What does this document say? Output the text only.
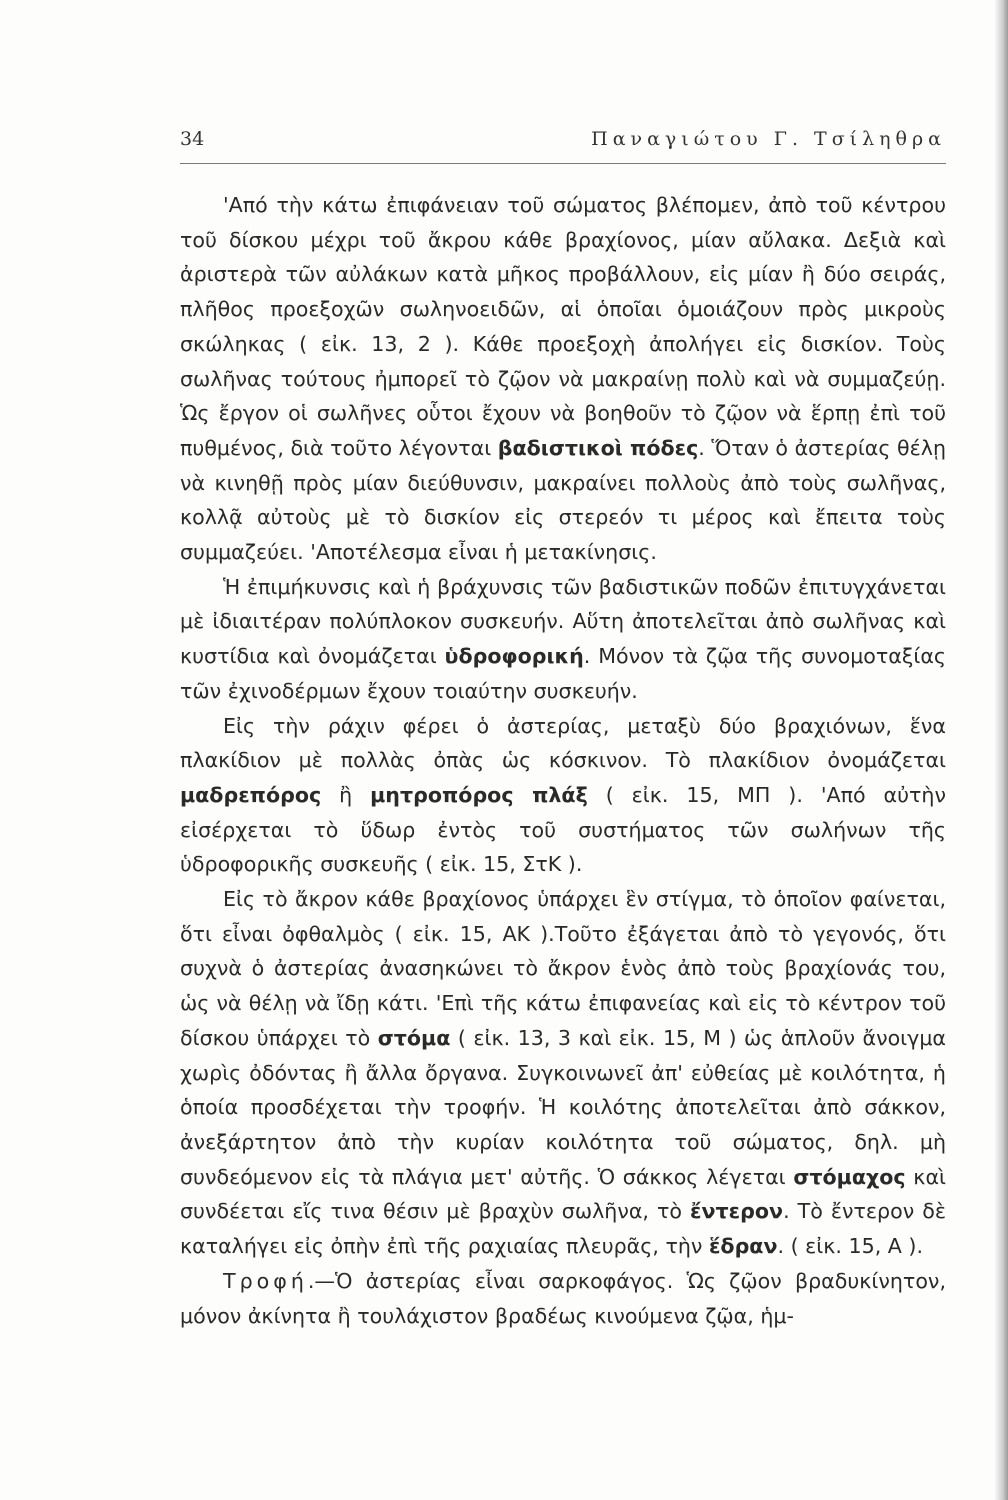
34	Παναγιώτου Γ. Τσίληθρα

'Από τὴν κάτω ἐπιφάνειαν τοῦ σώματος βλέπομεν, ἀπὸ τοῦ κέντρου τοῦ δίσκου μέχρι τοῦ ἄκρου κάθε βραχίονος, μίαν αὔλακα. Δεξιὰ καὶ ἀριστερὰ τῶν αὐλάκων κατὰ μῆκος προβάλλουν, εἰς μίαν ἢ δύο σειράς, πλῆθος προεξοχῶν σωληνοειδῶν, αἱ ὁποῖαι ὁμοιάζουν πρὸς μικροὺς σκώληκας ( εἰκ. 13, 2 ). Κάθε προεξοχὴ ἀπολήγει εἰς δισκίον. Τοὺς σωλῆνας τούτους ἠμπορεῖ τὸ ζῷον νὰ μακραίνῃ πολὺ καὶ νὰ συμμαζεύῃ. Ὡς ἔργον οἱ σωλῆνες οὗτοι ἔχουν νὰ βοηθοῦν τὸ ζῷον νὰ ἕρπῃ ἐπὶ τοῦ πυθμένος, διὰ τοῦτο λέγονται βαδιστικοὶ πόδες. Ὅταν ὁ ἀστερίας θέλῃ νὰ κινηθῇ πρὸς μίαν διεύθυνσιν, μακραίνει πολλοὺς ἀπὸ τοὺς σωλῆνας, κολλᾷ αὐτοὺς μὲ τὸ δισκίον εἰς στερεόν τι μέρος καὶ ἔπειτα τοὺς συμμαζεύει. 'Αποτέλεσμα εἶναι ἡ μετακίνησις.

Ἡ ἐπιμήκυνσις καὶ ἡ βράχυνσις τῶν βαδιστικῶν ποδῶν ἐπιτυγχάνεται μὲ ἰδιαιτέραν πολύπλοκον συσκευήν. Αὕτη ἀποτελεῖται ἀπὸ σωλῆνας καὶ κυστίδια καὶ ὀνομάζεται ὑδροφορική. Μόνον τὰ ζῷα τῆς συνομοταξίας τῶν ἐχινοδέρμων ἔχουν τοιαύτην συσκευήν.

Εἰς τὴν ράχιν φέρει ὁ ἀστερίας, μεταξὺ δύο βραχιόνων, ἕνα πλακίδιον μὲ πολλὰς ὀπὰς ὡς κόσκινον. Τὸ πλακίδιον ὀνομάζεται μαδρεπόρος ἢ μητροπόρος πλάξ ( εἰκ. 15, ΜΠ ). 'Από αὐτὴν εἰσέρχεται τὸ ὕδωρ ἐντὸς τοῦ συστήματος τῶν σωλήνων τῆς ὑδροφορικῆς συσκευῆς ( εἰκ. 15, ΣτΚ ).

Εἰς τὸ ἄκρον κάθε βραχίονος ὑπάρχει ἓν στίγμα, τὸ ὁποῖον φαίνεται, ὅτι εἶναι ὀφθαλμὸς ( εἰκ. 15, ΑΚ ).Τοῦτο ἐξάγεται ἀπὸ τὸ γεγονός, ὅτι συχνὰ ὁ ἀστερίας ἀνασηκώνει τὸ ἄκρον ἑνὸς ἀπὸ τοὺς βραχίονάς του, ὡς νὰ θέλῃ νὰ ἴδῃ κάτι. 'Επὶ τῆς κάτω ἐπιφανείας καὶ εἰς τὸ κέντρον τοῦ δίσκου ὑπάρχει τὸ στόμα ( εἰκ. 13, 3 καὶ εἰκ. 15, Μ ) ὡς ἁπλοῦν ἄνοιγμα χωρὶς ὀδόντας ἢ ἄλλα ὄργανα. Συγκοινωνεῖ ἀπ' εὐθείας μὲ κοιλότητα, ἡ ὁποία προσδέχεται τὴν τροφήν. Ἡ κοιλότης ἀποτελεῖται ἀπὸ σάκκον, ἀνεξάρτητον ἀπὸ τὴν κυρίαν κοιλότητα τοῦ σώματος, δηλ. μὴ συνδεόμενον εἰς τὰ πλάγια μετ' αὐτῆς. Ὁ σάκκος λέγεται στόμαχος καὶ συνδέεται εἴς τινα θέσιν μὲ βραχὺν σωλῆνα, τὸ ἔντερον. Τὸ ἔντερον δὲ καταλήγει εἰς ὀπὴν ἐπὶ τῆς ραχιαίας πλευρᾶς, τὴν ἕδραν. ( εἰκ. 15, Α ).

Τροφή.—Ὁ ἀστερίας εἶναι σαρκοφάγος. Ὡς ζῷον βραδυκίνητον, μόνον ἀκίνητα ἢ τουλάχιστον βραδέως κινούμενα ζῷα, ἡμ-
